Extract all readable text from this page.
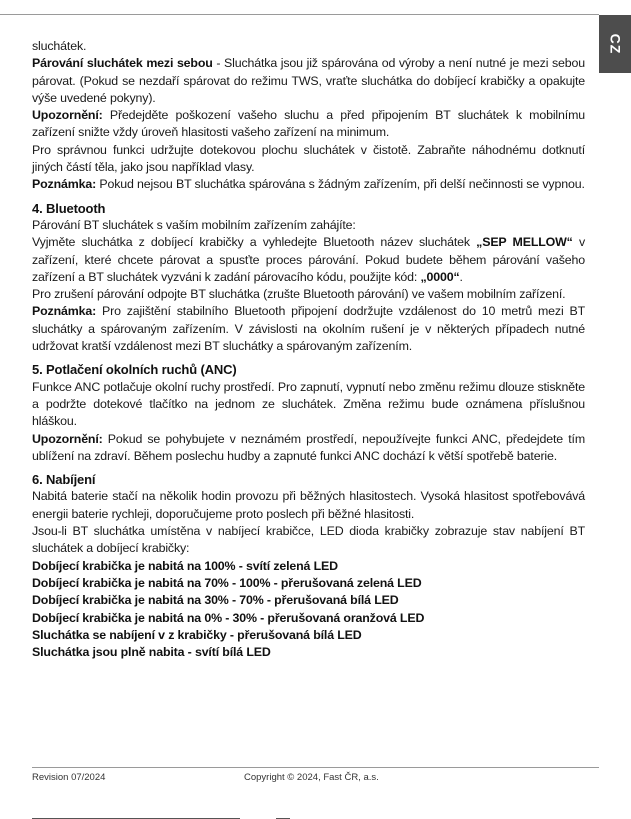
CZ

sluchátek.

Párování sluchátek mezi sebou - Sluchátka jsou již spárována od výroby a není nutné je mezi sebou párovat. (Pokud se nezdaří spárovat do režimu TWS, vraťte sluchátka do dobíjecí krabičky a opakujte výše uvedené pokyny).

Upozornění: Předejděte poškození vašeho sluchu a před připojením BT sluchátek k mobilnímu zařízení snižte vždy úroveň hlasitosti vašeho zařízení na minimum.

Pro správnou funkci udržujte dotekovou plochu sluchátek v čistotě. Zabraňte náhodnému dotknutí jiných částí těla, jako jsou například vlasy.

Poznámka: Pokud nejsou BT sluchátka spárována s žádným zařízením, při delší nečinnosti se vypnou.

4. Bluetooth

Párování BT sluchátek s vaším mobilním zařízením zahájíte:

Vyjměte sluchátka z dobíjecí krabičky a vyhledejte Bluetooth název sluchátek „SEP MELLOW“ v zařízení, které chcete párovat a spusťte proces párování. Pokud budete během párování vašeho zařízení a BT sluchátek vyzváni k zadání párovacího kódu, použijte kód: „0000“.

Pro zrušení párování odpojte BT sluchátka (zrušte Bluetooth párování) ve vašem mobilním zařízení.

Poznámka: Pro zajištění stabilního Bluetooth připojení dodržujte vzdálenost do 10 metrů mezi BT sluchátky a spárovaným zařízením. V závislosti na okolním rušení je v některých případech nutné udržovat kratší vzdálenost mezi BT sluchátky a spárovaným zařízením.

5. Potlačení okolních ruchů (ANC)

Funkce ANC potlačuje okolní ruchy prostředí. Pro zapnutí, vypnutí nebo změnu režimu dlouze stiskněte a podržte dotekové tlačítko na jednom ze sluchátek. Změna režimu bude oznámena příslušnou hláškou.

Upozornění: Pokud se pohybujete v neznámém prostředí, nepoužívejte funkci ANC, předejdete tím ublížení na zdraví. Během poslechu hudby a zapnuté funkci ANC dochází k větší spotřebě baterie.

6. Nabíjení

Nabitá baterie stačí na několik hodin provozu při běžných hlasitostech. Vysoká hlasitost spotřebovává energii baterie rychleji, doporučujeme proto poslech při běžné hlasitosti.

Jsou-li BT sluchátka umístěna v nabíjecí krabičce, LED dioda krabičky zobrazuje stav nabíjení BT sluchátek a dobíjecí krabičky:

Dobíjecí krabička je nabitá na 100% - svítí zelená LED

Dobíjecí krabička je nabitá na 70% - 100% - přerušovaná zelená LED

Dobíjecí krabička je nabitá na 30% - 70% - přerušovaná bílá LED

Dobíjecí krabička je nabitá na 0% - 30% - přerušovaná oranžová LED

Sluchátka se nabíjení v z krabičky - přerušovaná bílá LED

Sluchátka jsou plně nabita - svítí bílá LED

Revision 07/2024	Copyright © 2024, Fast ČR, a.s.
